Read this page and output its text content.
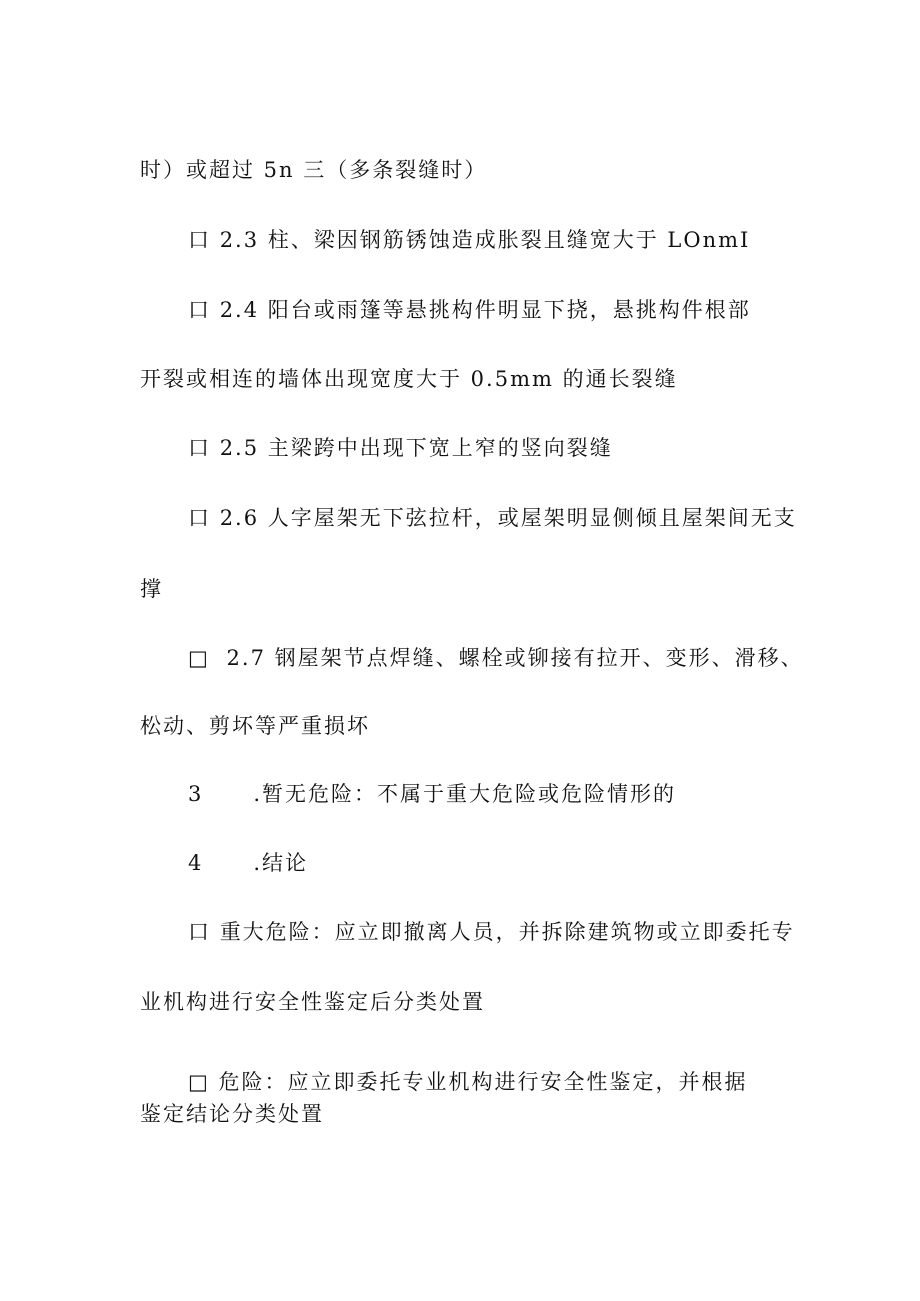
时）或超过 5n 三（多条裂缝时）
口 2.3 柱、梁因钢筋锈蚀造成胀裂且缝宽大于 LOnmI
口 2.4 阳台或雨篷等悬挑构件明显下挠，悬挑构件根部
开裂或相连的墙体出现宽度大于 0.5mm 的通长裂缝
口 2.5 主梁跨中出现下宽上窄的竖向裂缝
口 2.6 人字屋架无下弦拉杆，或屋架明显侧倾且屋架间无支
撑
□ 2.7 钢屋架节点焊缝、螺栓或铆接有拉开、变形、滑移、
松动、剪坏等严重损坏
3 .暂无危险：不属于重大危险或危险情形的
4 .结论
口 重大危险：应立即撤离人员，并拆除建筑物或立即委托专
业机构进行安全性鉴定后分类处置
□ 危险：应立即委托专业机构进行安全性鉴定，并根据
鉴定结论分类处置
